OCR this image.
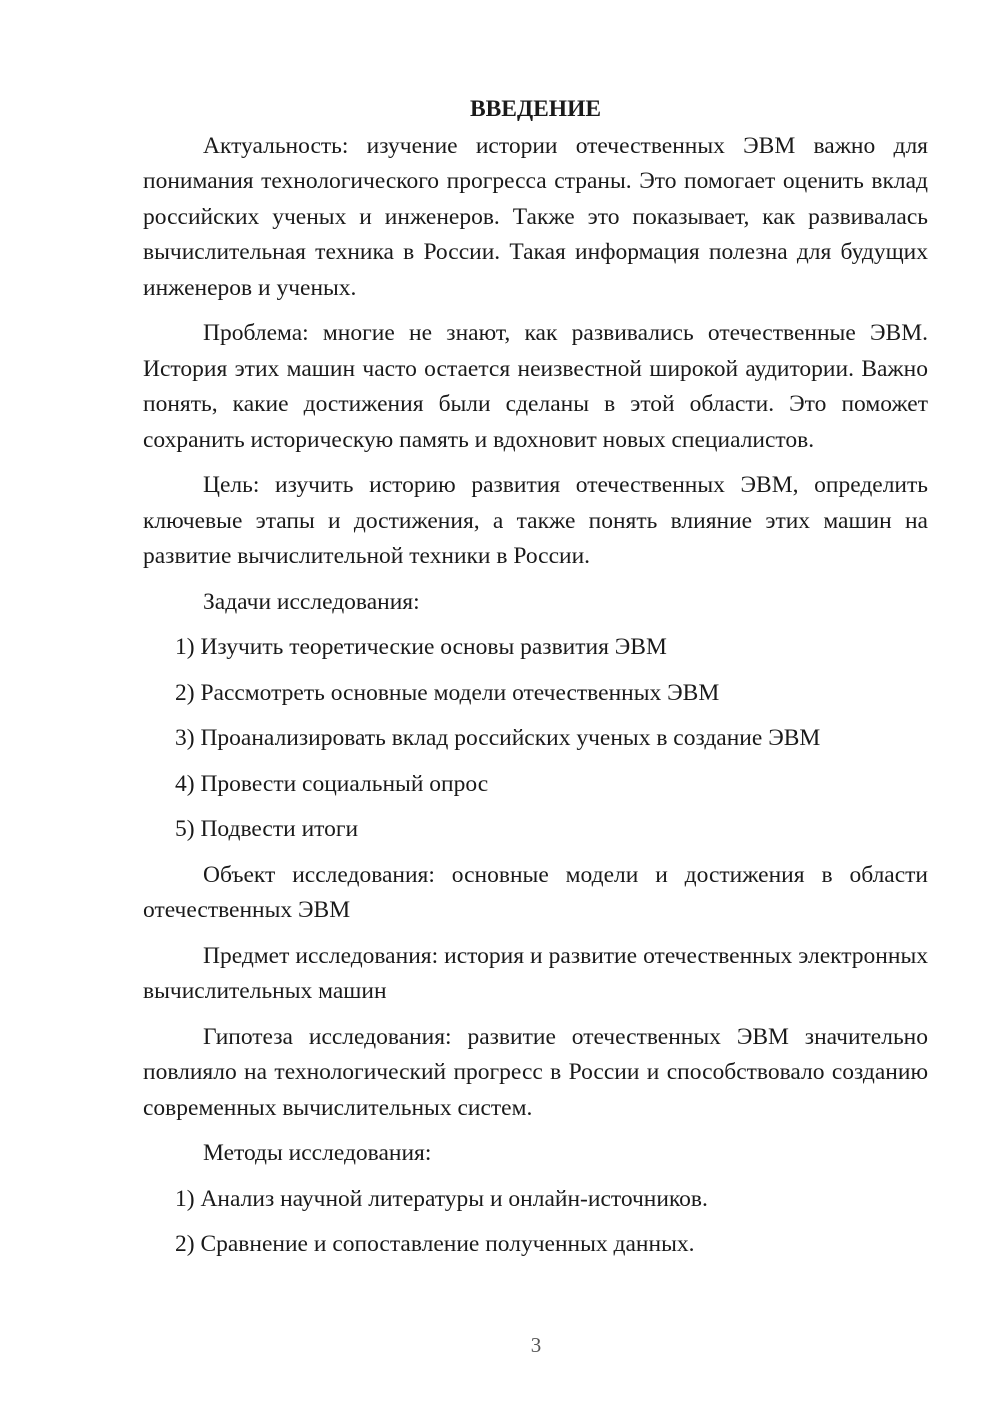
ВВЕДЕНИЕ

Актуальность: изучение истории отечественных ЭВМ важно для понимания технологического прогресса страны. Это помогает оценить вклад российских ученых и инженеров. Также это показывает, как развивалась вычислительная техника в России. Такая информация полезна для будущих инженеров и ученых.

Проблема: многие не знают, как развивались отечественные ЭВМ. История этих машин часто остается неизвестной широкой аудитории. Важно понять, какие достижения были сделаны в этой области. Это поможет сохранить историческую память и вдохновит новых специалистов.

Цель: изучить историю развития отечественных ЭВМ, определить ключевые этапы и достижения, а также понять влияние этих машин на развитие вычислительной техники в России.

Задачи исследования:

1) Изучить теоретические основы развития ЭВМ
2) Рассмотреть основные модели отечественных ЭВМ
3) Проанализировать вклад российских ученых в создание ЭВМ
4) Провести социальный опрос
5) Подвести итоги

Объект исследования: основные модели и достижения в области отечественных ЭВМ

Предмет исследования: история и развитие отечественных электронных вычислительных машин

Гипотеза исследования: развитие отечественных ЭВМ значительно повлияло на технологический прогресс в России и способствовало созданию современных вычислительных систем.

Методы исследования:

1) Анализ научной литературы и онлайн-источников.
2) Сравнение и сопоставление полученных данных.
3
